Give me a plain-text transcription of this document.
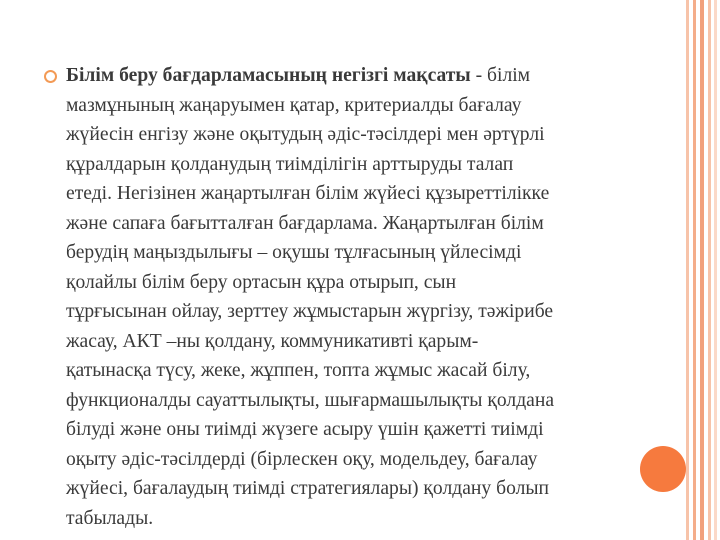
Білім беру бағдарламасының негізгі мақсаты - білім
мазмұнының жаңаруымен қатар, критериалды бағалау
жүйесін енгізу және оқытудың әдіс-тәсілдері мен әртүрлі
құралдарын қолданудың тиімділігін арттыруды талап
етеді. Негізінен жаңартылған білім жүйесі құзыреттілікке
және сапаға бағытталған бағдарлама. Жаңартылған білім
берудің маңыздылығы – оқушы тұлғасының үйлесімді
қолайлы білім беру ортасын құра отырып, сын
тұрғысынан ойлау, зерттеу жұмыстарын жүргізу, тәжірибе
жасау, АКТ –ны қолдану, коммуникативті қарым-
қатынасқа түсу, жеке, жұппен, топта жұмыс жасай білу,
функционалды сауаттылықты, шығармашылықты қолдана
білуді және оны тиімді жүзеге асыру үшін қажетті тиімді
оқыту әдіс-тәсілдерді (бірлескен оқу, модельдеу, бағалау
жүйесі, бағалаудың тиімді стратегиялары) қолдану болып
табылады.
